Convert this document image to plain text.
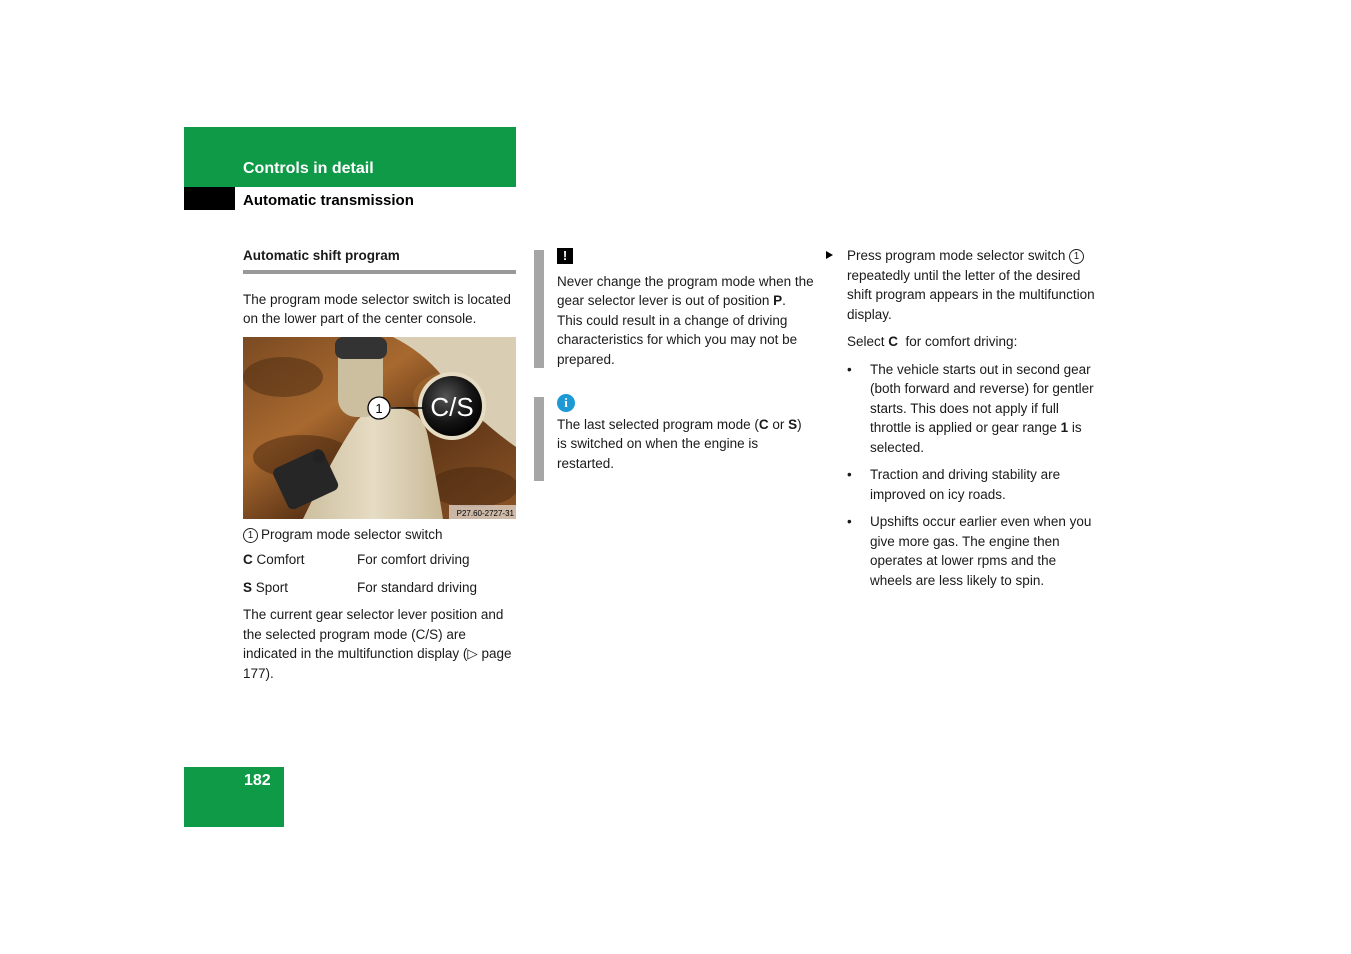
Controls in detail
Automatic transmission
Automatic shift program
The program mode selector switch is located on the lower part of the center console.
C/S
1
P27.60-2727-31
1 Program mode selector switch
C Comfort	For comfort driving
S Sport	For standard driving
The current gear selector lever position and the selected program mode (C/S) are indicated in the multifunction display (▷ page 177).
!
Never change the program mode when the gear selector lever is out of position P. This could result in a change of driving characteristics for which you may not be prepared.
i
The last selected program mode (C or S) is switched on when the engine is restarted.
Press program mode selector switch 1 repeatedly until the letter of the desired shift program appears in the multifunction display.
Select C  for comfort driving:
• The vehicle starts out in second gear (both forward and reverse) for gentler starts. This does not apply if full throttle is applied or gear range 1 is selected.
• Traction and driving stability are improved on icy roads.
• Upshifts occur earlier even when you give more gas. The engine then operates at lower rpms and the wheels are less likely to spin.
182
